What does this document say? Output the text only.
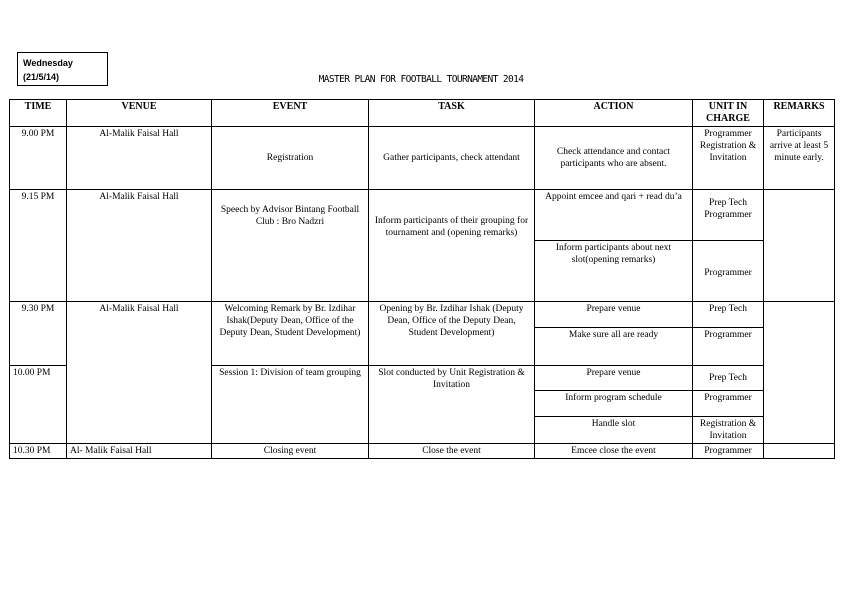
Wednesday
(21/5/14)	MASTER PLAN FOR FOOTBALL TOURNAMENT 2014
TIME	VENUE	EVENT	TASK	ACTION	UNIT IN CHARGE	REMARKS
9.00 PM	Al-Malik Faisal Hall	Registration	Gather participants, check attendant	Check attendance and contact participants who are absent.	Programmer Registration & Invitation	Participants arrive at least 5 minute early.
9.15 PM	Al-Malik Faisal Hall	Speech by Advisor Bintang Football Club : Bro Nadzri	Inform participants of their grouping for tournament and (opening remarks)	Appoint emcee and qari + read du’a	Prep Tech Programmer	
				Inform participants about next slot(opening remarks)	Programmer	
9.30 PM	Al-Malik Faisal Hall	Welcoming Remark by Br. Izdihar Ishak(Deputy Dean, Office of the Deputy Dean, Student Development)	Opening by Br. Izdihar Ishak (Deputy Dean, Office of the Deputy Dean, Student Development)	Prepare venue	Prep Tech	
				Make sure all are ready	Programmer	
10.00 PM		Session 1: Division of team grouping	Slot conducted by Unit Registration & Invitation	Prepare venue	Prep Tech	
				Inform program schedule	Programmer	
				Handle slot	Registration & Invitation	
10.30 PM	Al- Malik Faisal Hall	Closing event	Close the event	Emcee close the event	Programmer	
